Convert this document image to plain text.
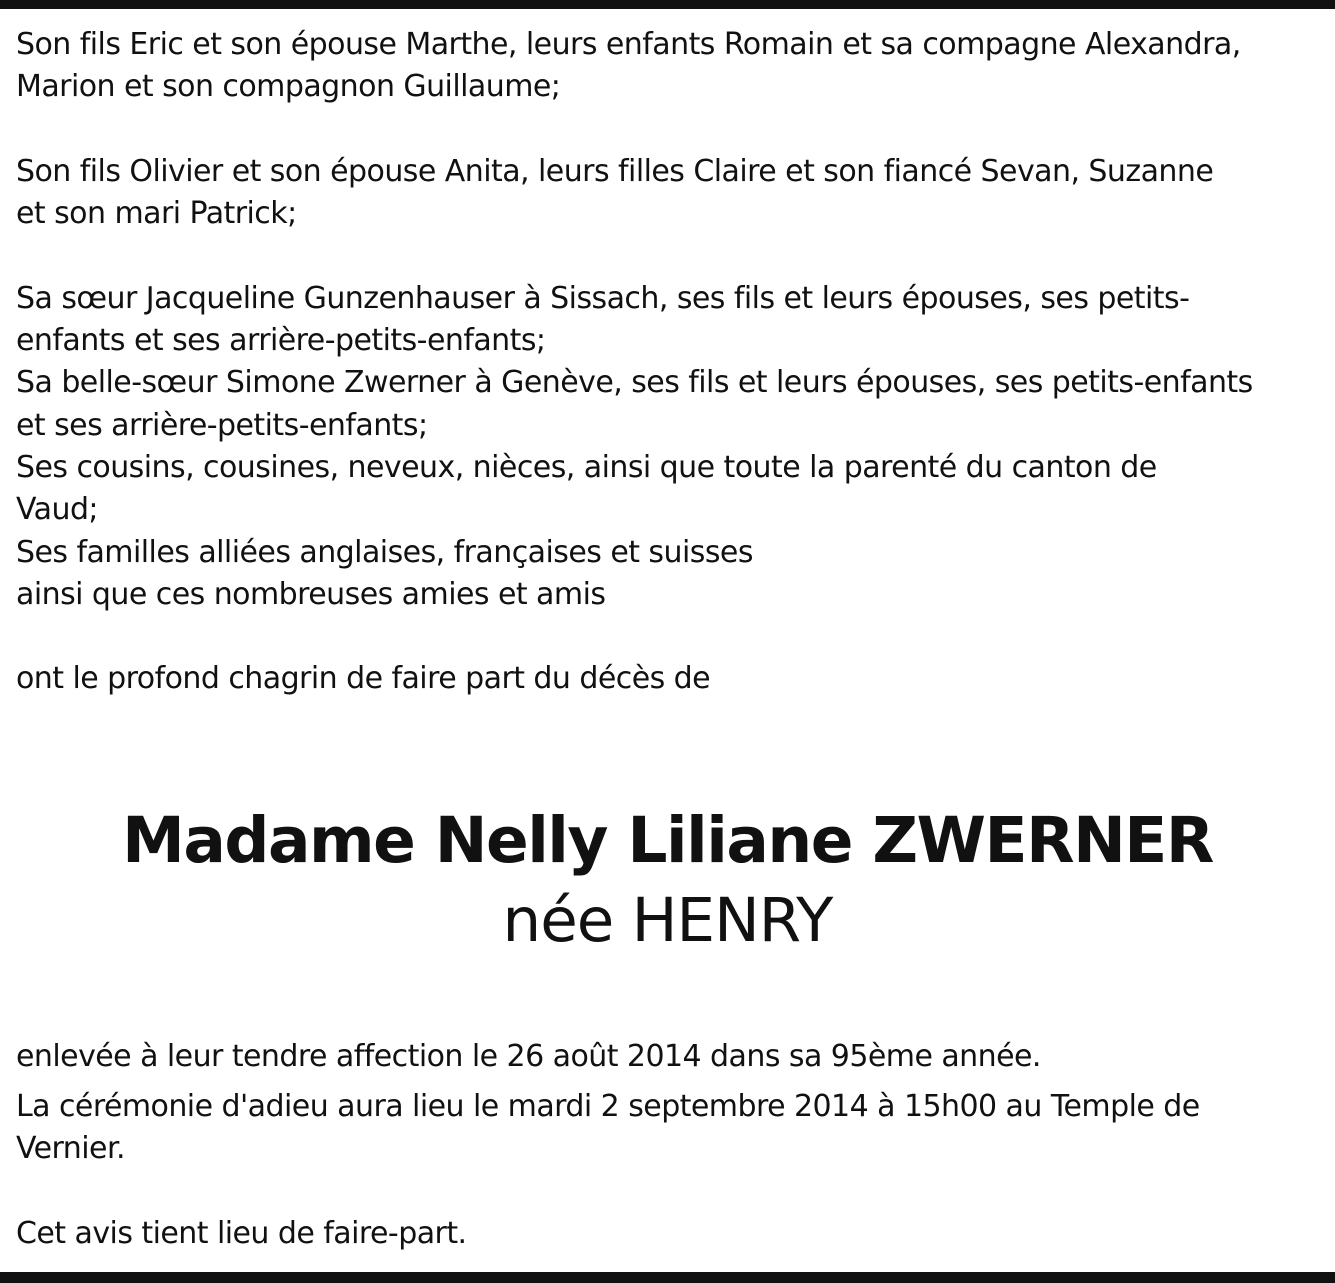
Son fils Eric et son épouse Marthe, leurs enfants Romain et sa compagne Alexandra,
Marion et son compagnon Guillaume;
Son fils Olivier et son épouse Anita, leurs filles Claire et son fiancé Sevan, Suzanne
et son mari Patrick;
Sa sœur Jacqueline Gunzenhauser à Sissach, ses fils et leurs épouses, ses petits-
enfants et ses arrière-petits-enfants;
Sa belle-sœur Simone Zwerner à Genève, ses fils et leurs épouses, ses petits-enfants
et ses arrière-petits-enfants;
Ses cousins, cousines, neveux, nièces, ainsi que toute la parenté du canton de
Vaud;
Ses familles alliées anglaises, françaises et suisses
ainsi que ces nombreuses amies et amis
ont le profond chagrin de faire part du décès de
Madame Nelly Liliane ZWERNER
née HENRY
enlevée à leur tendre affection le 26 août 2014 dans sa 95ème année.
La cérémonie d'adieu aura lieu le mardi 2 septembre 2014 à 15h00 au Temple de
Vernier.
Cet avis tient lieu de faire-part.
